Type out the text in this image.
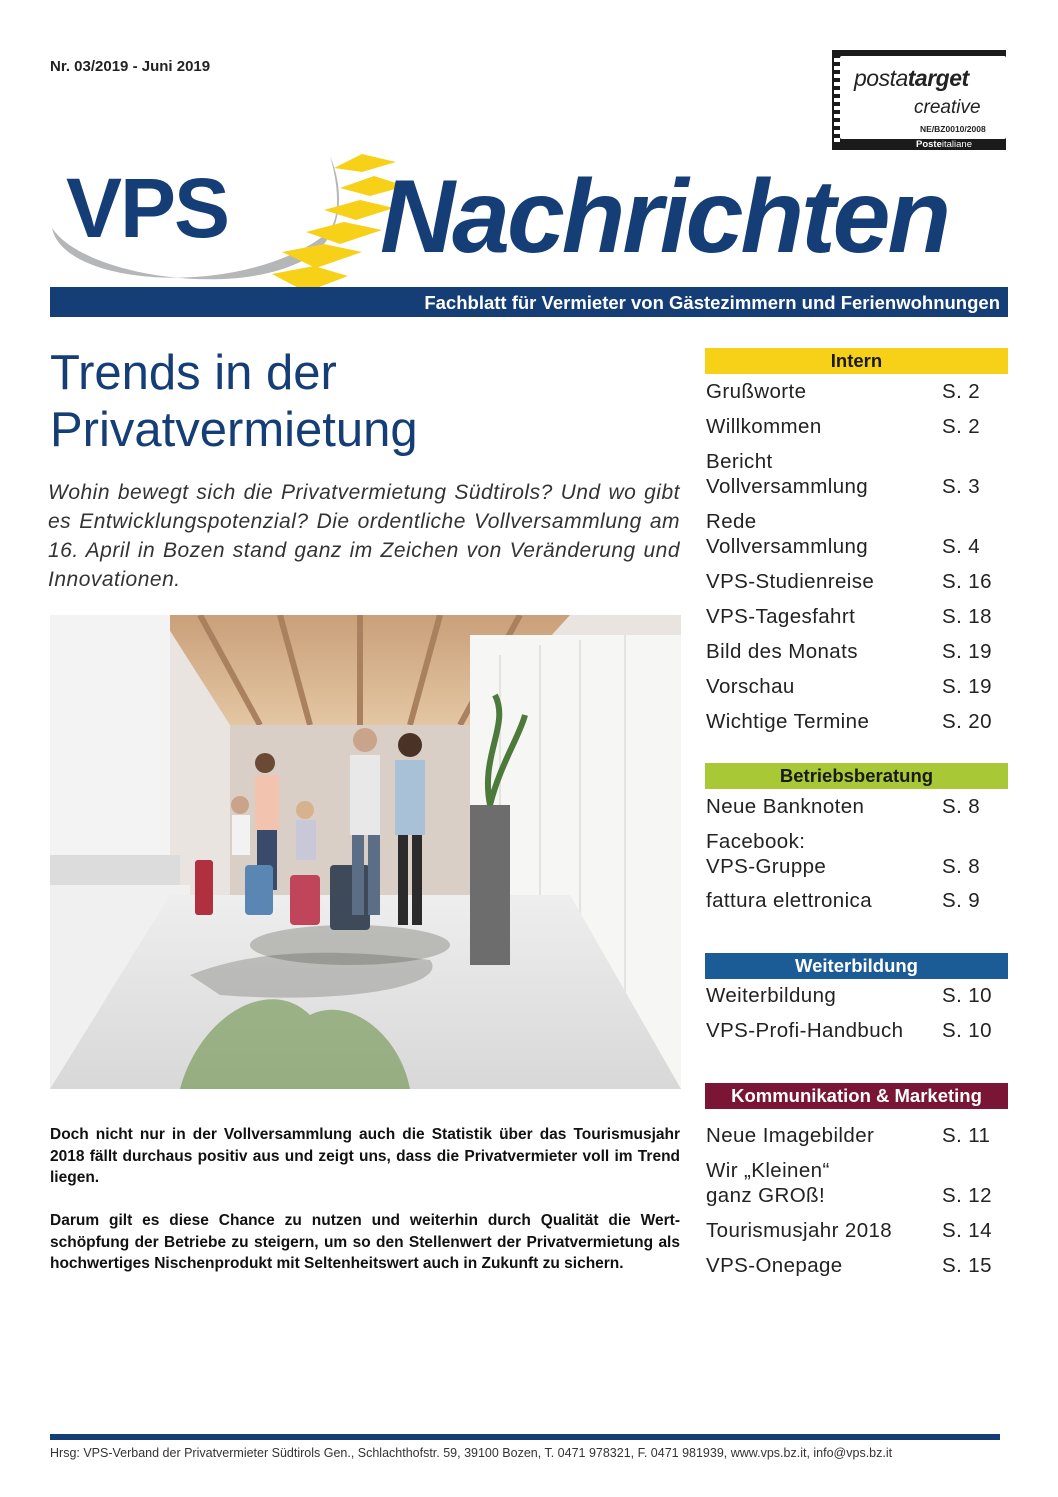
Nr. 03/2019 - Juni 2019	postatarget
creative
NE/BZ0010/2008
Posteitaliane
VPS Nachrichten
Fachblatt für Vermieter von Gästezimmern und Ferienwohnungen
Trends in der
Privatvermietung
Wohin bewegt sich die Privatvermietung Südtirols? Und wo gibt es Entwicklungspotenzial? Die ordentliche Vollversammlung am 16. April in Bozen stand ganz im Zeichen von Veränderung und Innovationen.
Doch nicht nur in der Vollversammlung auch die Statistik über das Tourismusjahr 2018 fällt durchaus positiv aus und zeigt uns, dass die Privatvermieter voll im Trend liegen.
Darum gilt es diese Chance zu nutzen und weiterhin durch Qualität die Wertschöpfung der Betriebe zu steigern, um so den Stellenwert der Privatvermietung als hochwertiges Nischenprodukt mit Seltenheitswert auch in Zukunft zu sichern.
Intern
Grußworte	S. 2
Willkommen	S. 2
Bericht
Vollversammlung	S. 3
Rede
Vollversammlung	S. 4
VPS-Studienreise	S. 16
VPS-Tagesfahrt	S. 18
Bild des Monats	S. 19
Vorschau	S. 19
Wichtige Termine	S. 20
Betriebsberatung
Neue Banknoten	S. 8
Facebook:
VPS-Gruppe	S. 8
fattura elettronica	S. 9
Weiterbildung
Weiterbildung	S. 10
VPS-Profi-Handbuch	S. 10
Kommunikation & Marketing
Neue Imagebilder	S. 11
Wir „Kleinen“
ganz GROß!	S. 12
Tourismusjahr 2018	S. 14
VPS-Onepage	S. 15
Hrsg: VPS-Verband der Privatvermieter Südtirols Gen., Schlachthofstr. 59, 39100 Bozen, T. 0471 978321, F. 0471 981939, www.vps.bz.it, info@vps.bz.it
